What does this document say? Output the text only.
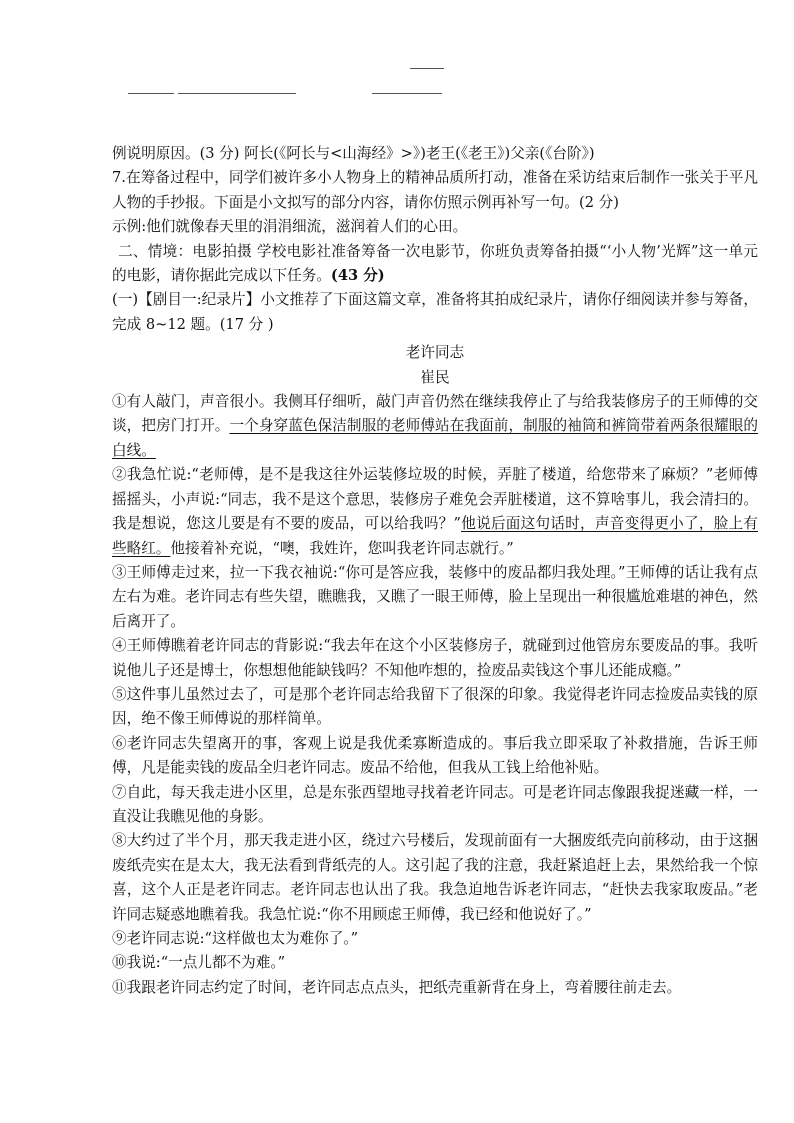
例说明原因。(3 分) 阿长(《阿长与<山海经》>》)老王(《老王》)父亲(《台阶》)

7.在筹备过程中，同学们被许多小人物身上的精神品质所打动，准备在采访结束后制作一张关于平凡人物的手抄报。下面是小文拟写的部分内容，请你仿照示例再补写一句。(2 分)

示例:他们就像春天里的涓涓细流，滋润着人们的心田。

二、情境：电影拍摄 学校电影社准备筹备一次电影节，你班负责筹备拍摄“‘小人物’光辉”这一单元的电影，请你据此完成以下任务。(43 分)

(一)【剧目一:纪录片】小文推荐了下面这篇文章，准备将其拍成纪录片，请你仔细阅读并参与筹备，完成 8~12 题。(17 分 )

老许同志

崔民

①有人敲门，声音很小。我侧耳仔细听，敲门声音仍然在继续我停止了与给我装修房子的王师傅的交谈，把房门打开。一个身穿蓝色保洁制服的老师傅站在我面前，制服的袖筒和裤筒带着两条很耀眼的白线。

②我急忙说:“老师傅，是不是我这往外运装修垃圾的时候，弄脏了楼道，给您带来了麻烦？”老师傅摇摇头，小声说:“同志，我不是这个意思，装修房子难免会弄脏楼道，这不算啥事儿，我会清扫的。我是想说，您这儿要是有不要的废品，可以给我吗？”他说后面这句话时，声音变得更小了，脸上有些略红。他接着补充说，“噢，我姓许，您叫我老许同志就行。”

③王师傅走过来，拉一下我衣袖说:“你可是答应我，装修中的废品都归我处理。”王师傅的话让我有点左右为难。老许同志有些失望，瞧瞧我，又瞧了一眼王师傅，脸上呈现出一种很尴尬难堪的神色，然后离开了。

④王师傅瞧着老许同志的背影说:“我去年在这个小区装修房子，就碰到过他管房东要废品的事。我听说他儿子还是博士，你想想他能缺钱吗？不知他咋想的，捡废品卖钱这个事儿还能成瘾。”

⑤这件事儿虽然过去了，可是那个老许同志给我留下了很深的印象。我觉得老许同志捡废品卖钱的原因，绝不像王师傅说的那样简单。

⑥老许同志失望离开的事，客观上说是我优柔寡断造成的。事后我立即采取了补救措施，告诉王师傅，凡是能卖钱的废品全归老许同志。废品不给他，但我从工钱上给他补贴。

⑦自此，每天我走进小区里，总是东张西望地寻找着老许同志。可是老许同志像跟我捉迷藏一样，一直没让我瞧见他的身影。

⑧大约过了半个月，那天我走进小区，绕过六号楼后，发现前面有一大捆废纸壳向前移动，由于这捆废纸壳实在是太大，我无法看到背纸壳的人。这引起了我的注意，我赶紧追赶上去，果然给我一个惊喜，这个人正是老许同志。老许同志也认出了我。我急迫地告诉老许同志，“赶快去我家取废品。”老许同志疑惑地瞧着我。我急忙说:“你不用顾虑王师傅，我已经和他说好了。”

⑨老许同志说:“这样做也太为难你了。”

⑩我说:“一点儿都不为难。”

⑪我跟老许同志约定了时间，老许同志点点头，把纸壳重新背在身上，弯着腰往前走去。
